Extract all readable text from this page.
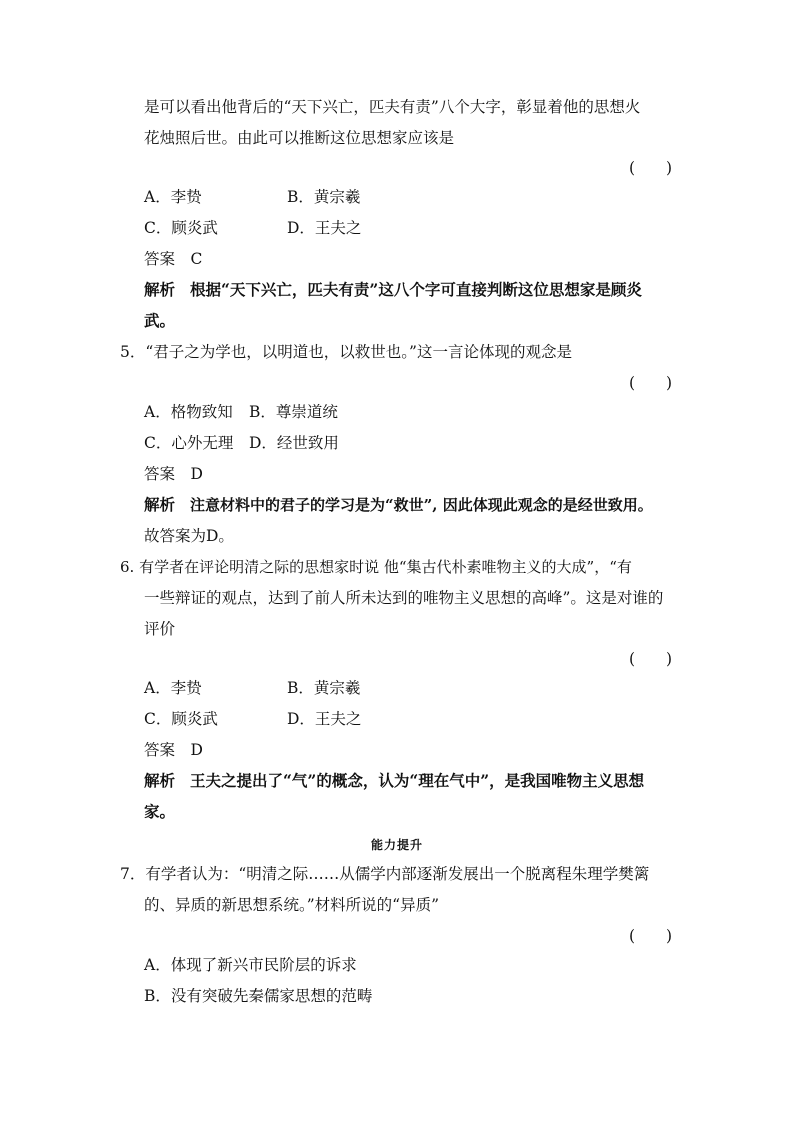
是可以看出他背后的“天下兴亡，匹夫有责”八个大字，彰显着他的思想火
花烛照后世。由此可以推断这位思想家应该是
(　　)
A．李贽	B．黄宗羲
C．顾炎武	D．王夫之
答案　C
解析 根据“天下兴亡，匹夫有责”这八个字可直接判断这位思想家是顾炎
武。
5．“君子之为学也，以明道也，以救世也。”这一言论体现的观念是
(　　)
A．格物致知 B．尊崇道统
C．心外无理 D．经世致用
答案　D
解析 注意材料中的君子的学习是为“救世”, 因此体现此观念的是经世致用。
故答案为D。
6. 有学者在评论明清之际的思想家时说 他“集古代朴素唯物主义的大成”，“有
一些辩证的观点，达到了前人所未达到的唯物主义思想的高峰”。这是对谁的
评价
(　　)
A．李贽	B．黄宗羲
C．顾炎武	D．王夫之
答案　D
解析 王夫之提出了“气”的概念，认为“理在气中”，是我国唯物主义思想
家。
能力提升
7．有学者认为：“明清之际……从儒学内部逐渐发展出一个脱离程朱理学樊篱
的、异质的新思想系统。”材料所说的“异质”
(　　)
A．体现了新兴市民阶层的诉求
B．没有突破先秦儒家思想的范畴
